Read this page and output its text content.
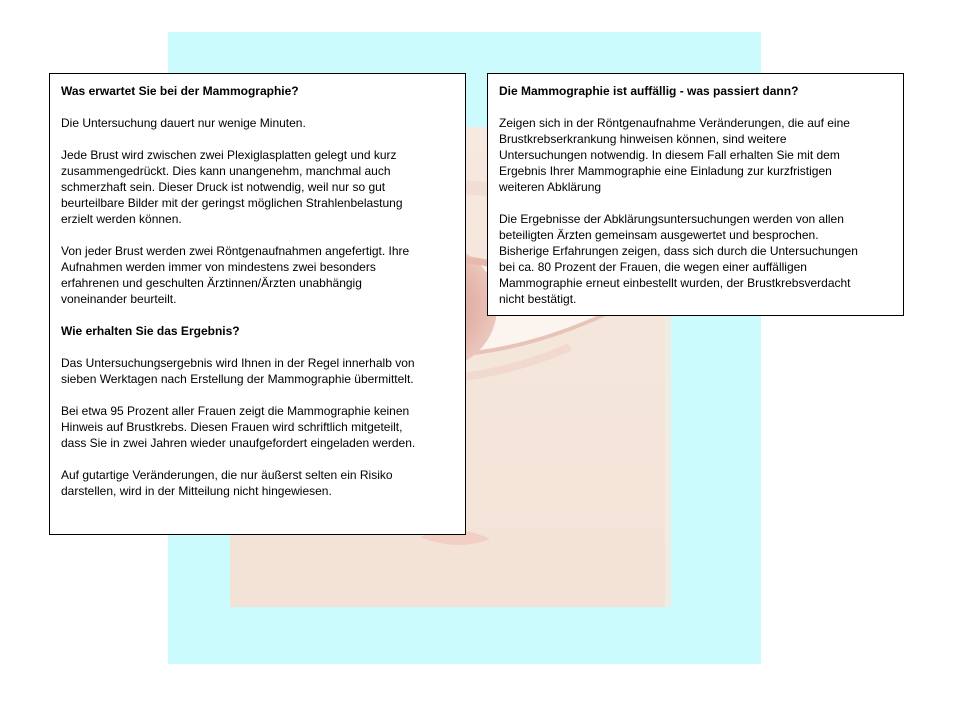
Was erwartet Sie bei der Mammographie?

Die Untersuchung dauert nur wenige Minuten.

Jede Brust wird zwischen zwei Plexiglasplatten gelegt und kurz
zusammengedrückt. Dies kann unangenehm, manchmal auch
schmerzhaft sein. Dieser Druck ist notwendig, weil nur so gut
beurteilbare Bilder mit der geringst möglichen Strahlenbelastung
erzielt werden können.

Von jeder Brust werden zwei Röntgenaufnahmen angefertigt. Ihre
Aufnahmen werden immer von mindestens zwei besonders
erfahrenen und geschulten Ärztinnen/Ärzten unabhängig
voneinander beurteilt.

Wie erhalten Sie das Ergebnis?

Das Untersuchungsergebnis wird Ihnen in der Regel innerhalb von
sieben Werktagen nach Erstellung der Mammographie übermittelt.

Bei etwa 95 Prozent aller Frauen zeigt die Mammographie keinen
Hinweis auf Brustkrebs. Diesen Frauen wird schriftlich mitgeteilt,
dass Sie in zwei Jahren wieder unaufgefordert eingeladen werden.

Auf gutartige Veränderungen, die nur äußerst selten ein Risiko
darstellen, wird in der Mitteilung nicht hingewiesen.

Die Mammographie ist auffällig - was passiert dann?

Zeigen sich in der Röntgenaufnahme Veränderungen, die auf eine
Brustkrebserkrankung hinweisen können, sind weitere
Untersuchungen notwendig. In diesem Fall erhalten Sie mit dem
Ergebnis Ihrer Mammographie eine Einladung zur kurzfristigen
weiteren Abklärung

Die Ergebnisse der Abklärungsuntersuchungen werden von allen
beteiligten Ärzten gemeinsam ausgewertet und besprochen.
Bisherige Erfahrungen zeigen, dass sich durch die Untersuchungen
bei ca. 80 Prozent der Frauen, die wegen einer auffälligen
Mammographie erneut einbestellt wurden, der Brustkrebsverdacht
nicht bestätigt.
